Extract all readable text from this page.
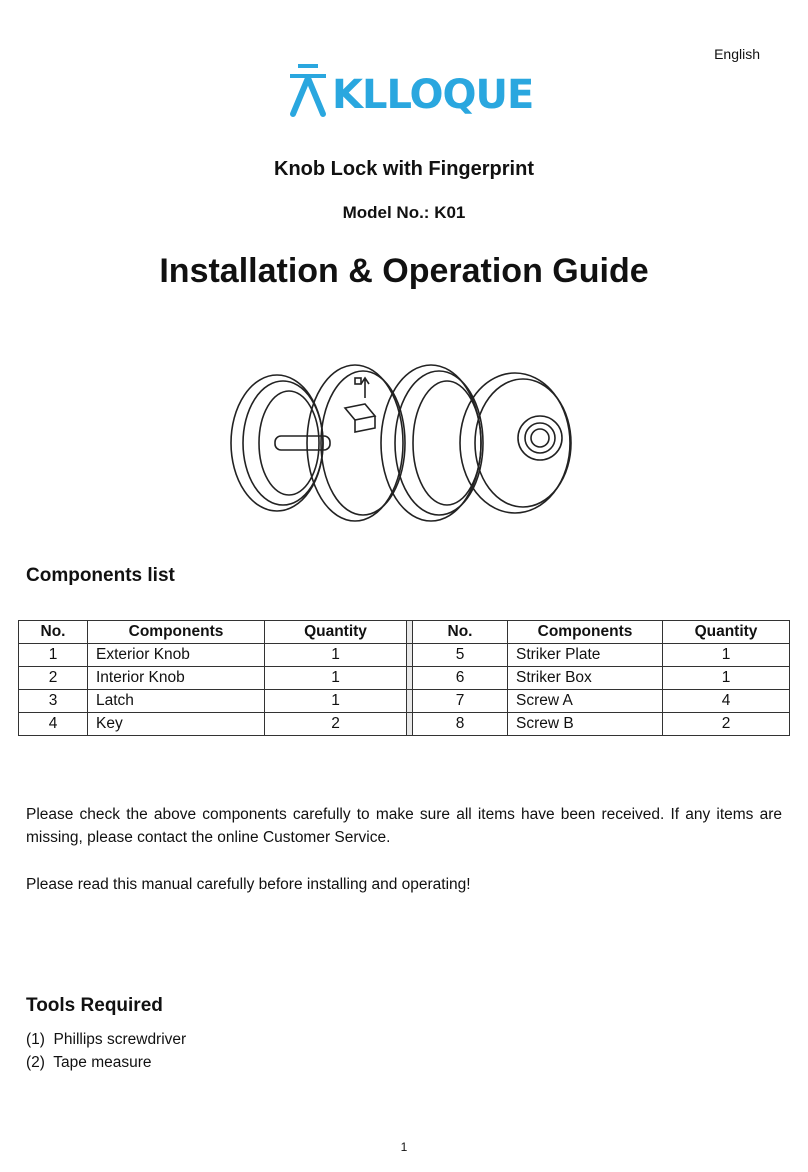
English
KLLOQUE
Knob Lock with Fingerprint
Model No.: K01
Installation & Operation Guide
Components list
No.	Components	Quantity		No.	Components	Quantity
1	Exterior Knob	1		5	Striker Plate	1
2	Interior Knob	1		6	Striker Box	1
3	Latch	1		7	Screw A	4
4	Key	2		8	Screw B	2
Please check the above components carefully to make sure all items have been received. If any items are missing, please contact the online Customer Service.
Please read this manual carefully before installing and operating!
Tools Required
(1)  Phillips screwdriver
(2)  Tape measure
1
